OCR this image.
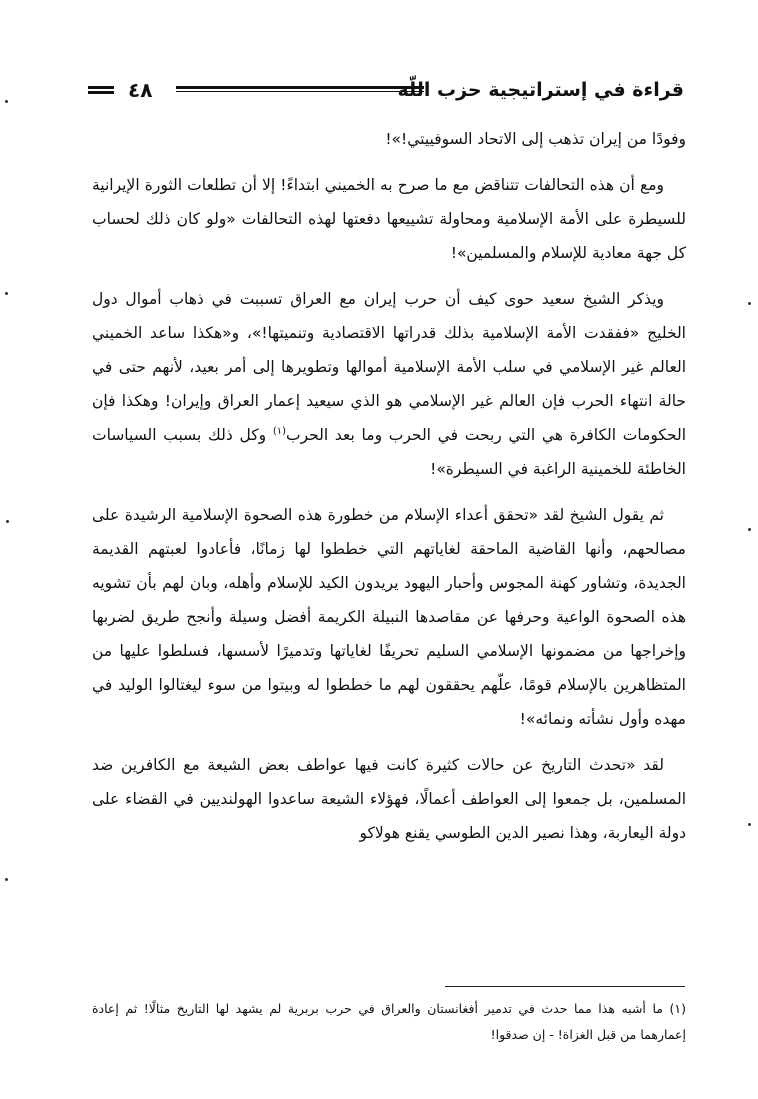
٤٨	قراءة في إستراتيجية حزب اللّه

وفودًا من إيران تذهب إلى الاتحاد السوفييتي!»!

ومع أن هذه التحالفات تتناقض مع ما صرح به الخميني ابتداءً! إلا أن تطلعات الثورة الإيرانية للسيطرة على الأمة الإسلامية ومحاولة تشييعها دفعتها لهذه التحالفات «ولو كان ذلك لحساب كل جهة معادية للإسلام والمسلمين»!

ويذكر الشيخ سعيد حوى كيف أن حرب إيران مع العراق تسببت في ذهاب أموال دول الخليج «ففقدت الأمة الإسلامية بذلك قدراتها الاقتصادية وتنميتها!»، و«هكذا ساعد الخميني العالم غير الإسلامي في سلب الأمة الإسلامية أموالها وتطويرها إلى أمر بعيد، لأنهم حتى في حالة انتهاء الحرب فإن العالم غير الإسلامي هو الذي سيعيد إعمار العراق وإيران! وهكذا فإن الحكومات الكافرة هي التي ربحت في الحرب وما بعد الحرب$^{(١)}$ وكل ذلك بسبب السياسات الخاطئة للخمينية الراغبة في السيطرة»!

ثم يقول الشيخ لقد «تحقق أعداء الإسلام من خطورة هذه الصحوة الإسلامية الرشيدة على مصالحهم، وأنها القاضية الماحقة لغاياتهم التي خططوا لها زمانًا، فأعادوا لعبتهم القديمة الجديدة، وتشاور كهنة المجوس وأحبار اليهود يريدون الكيد للإسلام وأهله، وبان لهم بأن تشويه هذه الصحوة الواعية وحرفها عن مقاصدها النبيلة الكريمة أفضل وسيلة وأنجح طريق لضربها وإخراجها من مضمونها الإسلامي السليم تحريفًا لغاياتها وتدميرًا لأسسها، فسلطوا عليها من المتظاهرين بالإسلام قومًا، علّهم يحققون لهم ما خططوا له وبيتوا من سوء ليغتالوا الوليد في مهده وأول نشأته ونمائه»!

لقد «تحدث التاريخ عن حالات كثيرة كانت فيها عواطف بعض الشيعة مع الكافرين ضد المسلمين، بل جمعوا إلى العواطف أعمالًا، فهؤلاء الشيعة ساعدوا الهولنديين في القضاء على دولة اليعاربة، وهذا نصير الدين الطوسي يقنع هولاكو

(١) ما أشبه هذا مما حدث في تدمير أفغانستان والعراق في حرب بربرية لم يشهد لها التاريخ مثالًا! ثم إعادة إعمارهما من قبل الغزاة! - إن صدقوا!
